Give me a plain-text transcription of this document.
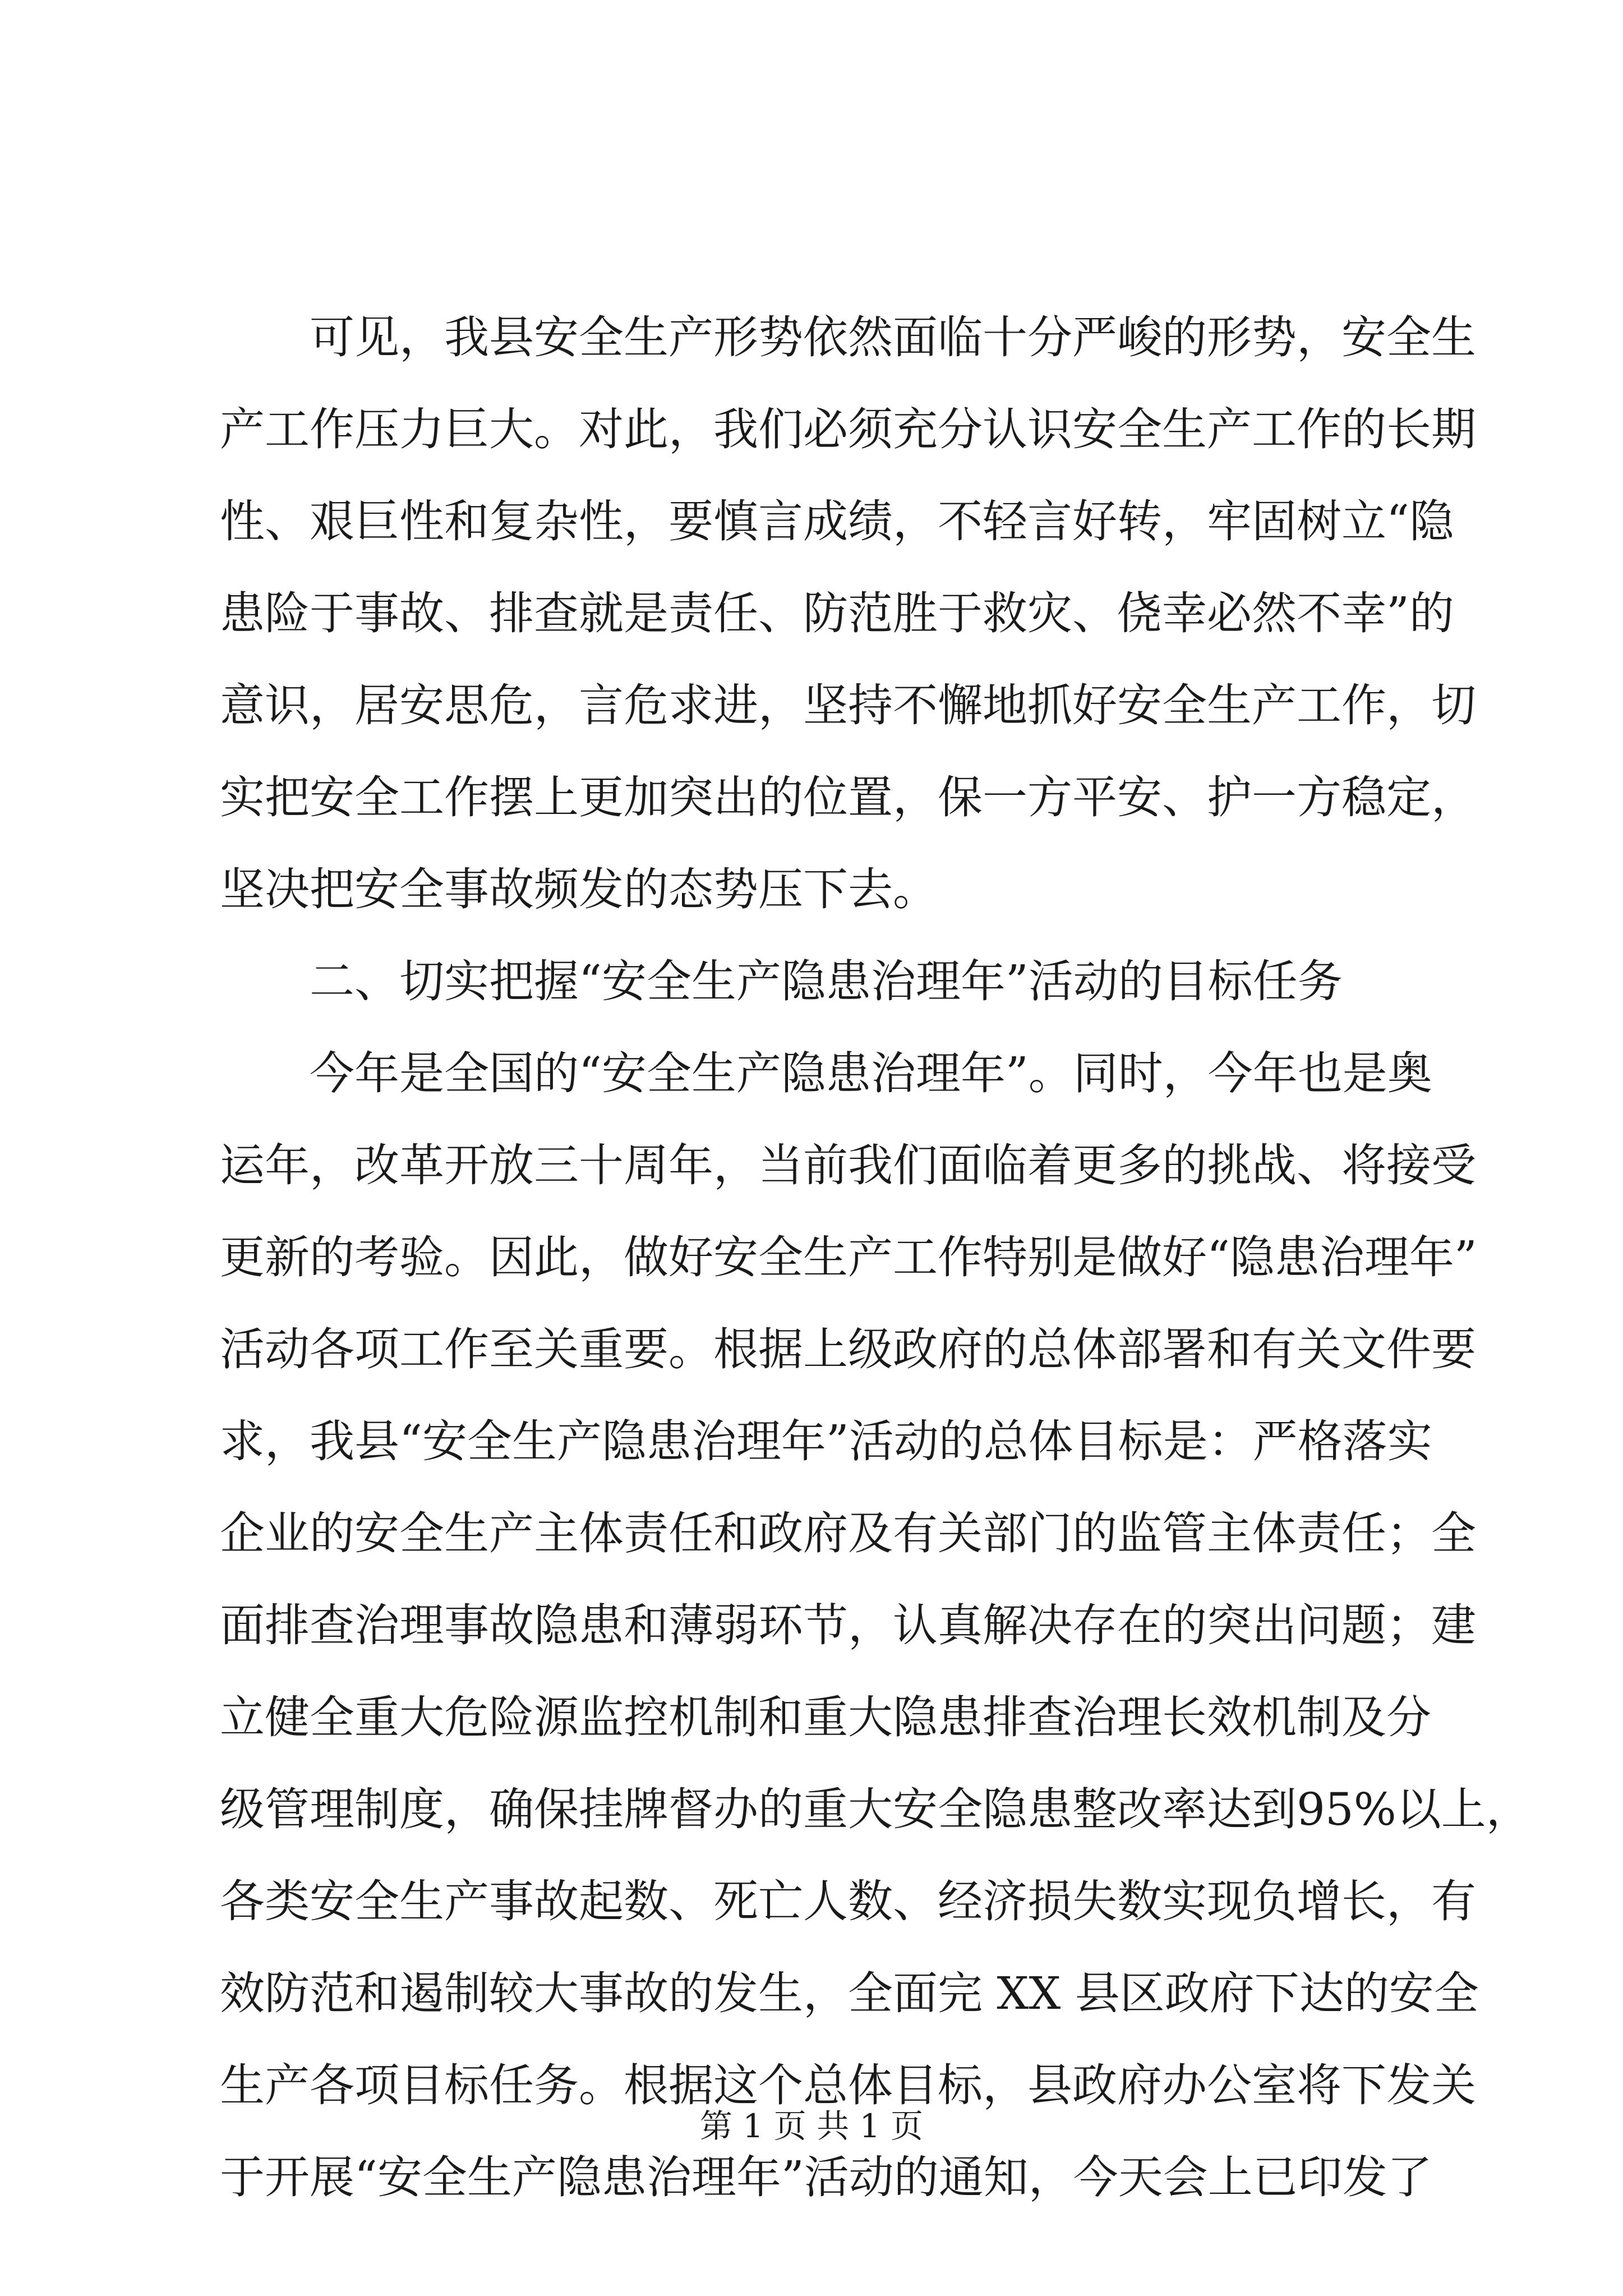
可见，我县安全生产形势依然面临十分严峻的形势，安全生
产工作压力巨大。对此，我们必须充分认识安全生产工作的长期
性、艰巨性和复杂性，要慎言成绩，不轻言好转，牢固树立“隐
患险于事故、排查就是责任、防范胜于救灾、侥幸必然不幸”的
意识，居安思危，言危求进，坚持不懈地抓好安全生产工作，切
实把安全工作摆上更加突出的位置，保一方平安、护一方稳定，
坚决把安全事故频发的态势压下去。
二、切实把握“安全生产隐患治理年”活动的目标任务
今年是全国的“安全生产隐患治理年”。同时，今年也是奥
运年，改革开放三十周年，当前我们面临着更多的挑战、将接受
更新的考验。因此，做好安全生产工作特别是做好“隐患治理年”
活动各项工作至关重要。根据上级政府的总体部署和有关文件要
求，我县“安全生产隐患治理年”活动的总体目标是：严格落实
企业的安全生产主体责任和政府及有关部门的监管主体责任；全
面排查治理事故隐患和薄弱环节，认真解决存在的突出问题；建
立健全重大危险源监控机制和重大隐患排查治理长效机制及分
级管理制度，确保挂牌督办的重大安全隐患整改率达到95%以上，
各类安全生产事故起数、死亡人数、经济损失数实现负增长，有
效防范和遏制较大事故的发生，全面完 XX 县区政府下达的安全
生产各项目标任务。根据这个总体目标，县政府办公室将下发关
于开展“安全生产隐患治理年”活动的通知，今天会上已印发了
第 1 页 共 1 页
